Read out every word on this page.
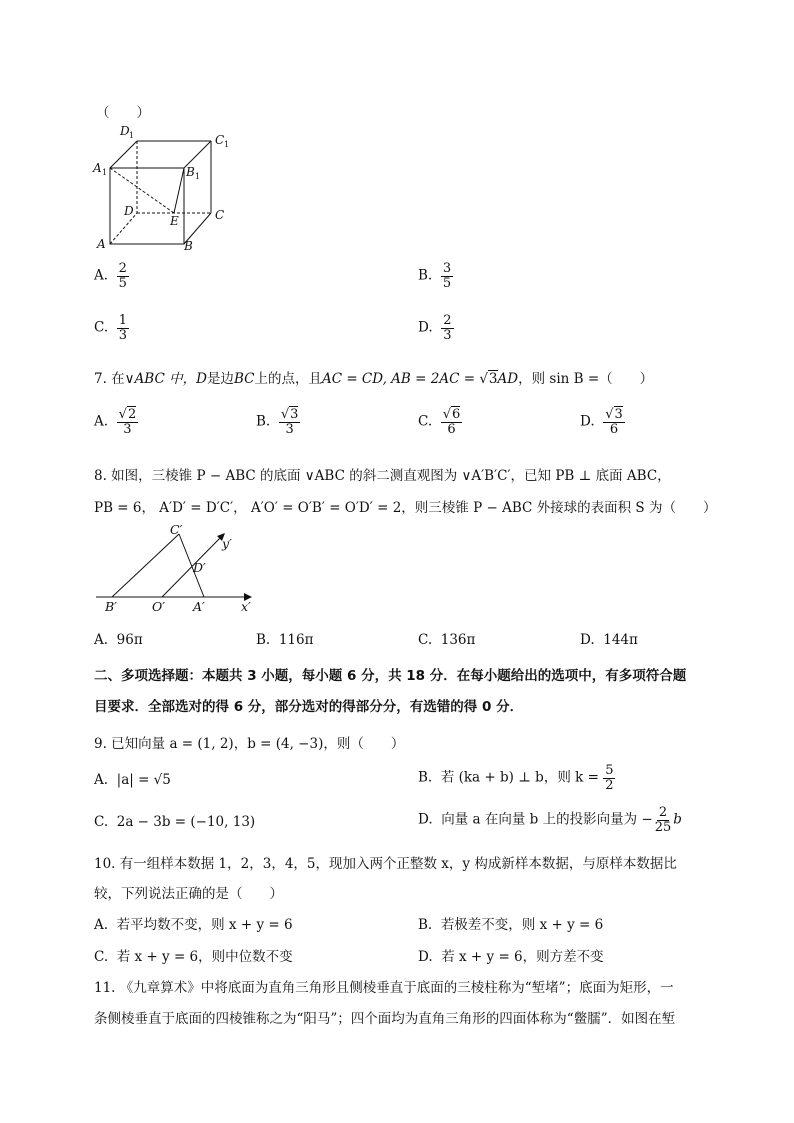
（　　）
D 1	C 1
A 1	B 1
D	C
E
A	B
A. $\frac{2}{5}$	B. $\frac{3}{5}$
C. $\frac{1}{3}$	D. $\frac{2}{3}$
7. 在∨ABC 中，D是边BC上的点，且AC = CD, AB = 2AC = √3AD，则 sin B =（　　）
A. $\frac{√2}{3}$	B. $\frac{√3}{3}$	C. $\frac{√6}{6}$	D. $\frac{√3}{6}$
8. 如图，三棱锥 P − ABC 的底面 ∨ABC 的斜二测直观图为 ∨A′B′C′，已知 PB ⊥ 底面 ABC，
PB = 6， A′D′ = D′C′， A′O′ = O′B′ = O′D′ = 2，则三棱锥 P − ABC 外接球的表面积 S 为（　　）
C′
y′
D′
B′	O′ A′	x′
A. 96π	B. 116π	C. 136π	D. 144π
二、多项选择题：本题共 3 小题，每小题 6 分，共 18 分．在每小题给出的选项中，有多项符合题
目要求．全部选对的得 6 分，部分选对的得部分分，有选错的得 0 分．
9. 已知向量 a = (1, 2)，b = (4, −3)，则（　　）
A. |a| = √5	B. 若 (ka + b) ⊥ b，则 $k = \frac{5}{2}$
C. 2a − 3b = (−10, 13)	D. 向量 a 在向量 b 上的投影向量为 − $\frac{2}{25}$ b
10. 有一组样本数据 1，2，3，4，5，现加入两个正整数 x，y 构成新样本数据，与原样本数据比
较，下列说法正确的是（　　）
A. 若平均数不变，则 x + y = 6	B. 若极差不变，则 x + y = 6
C. 若 x + y = 6，则中位数不变	D. 若 x + y = 6，则方差不变
11. 《九章算术》中将底面为直角三角形且侧棱垂直于底面的三棱柱称为“堑堵”；底面为矩形，一
条侧棱垂直于底面的四棱锥称之为“阳马”；四个面均为直角三角形的四面体称为“鳖臑”．如图在堑
